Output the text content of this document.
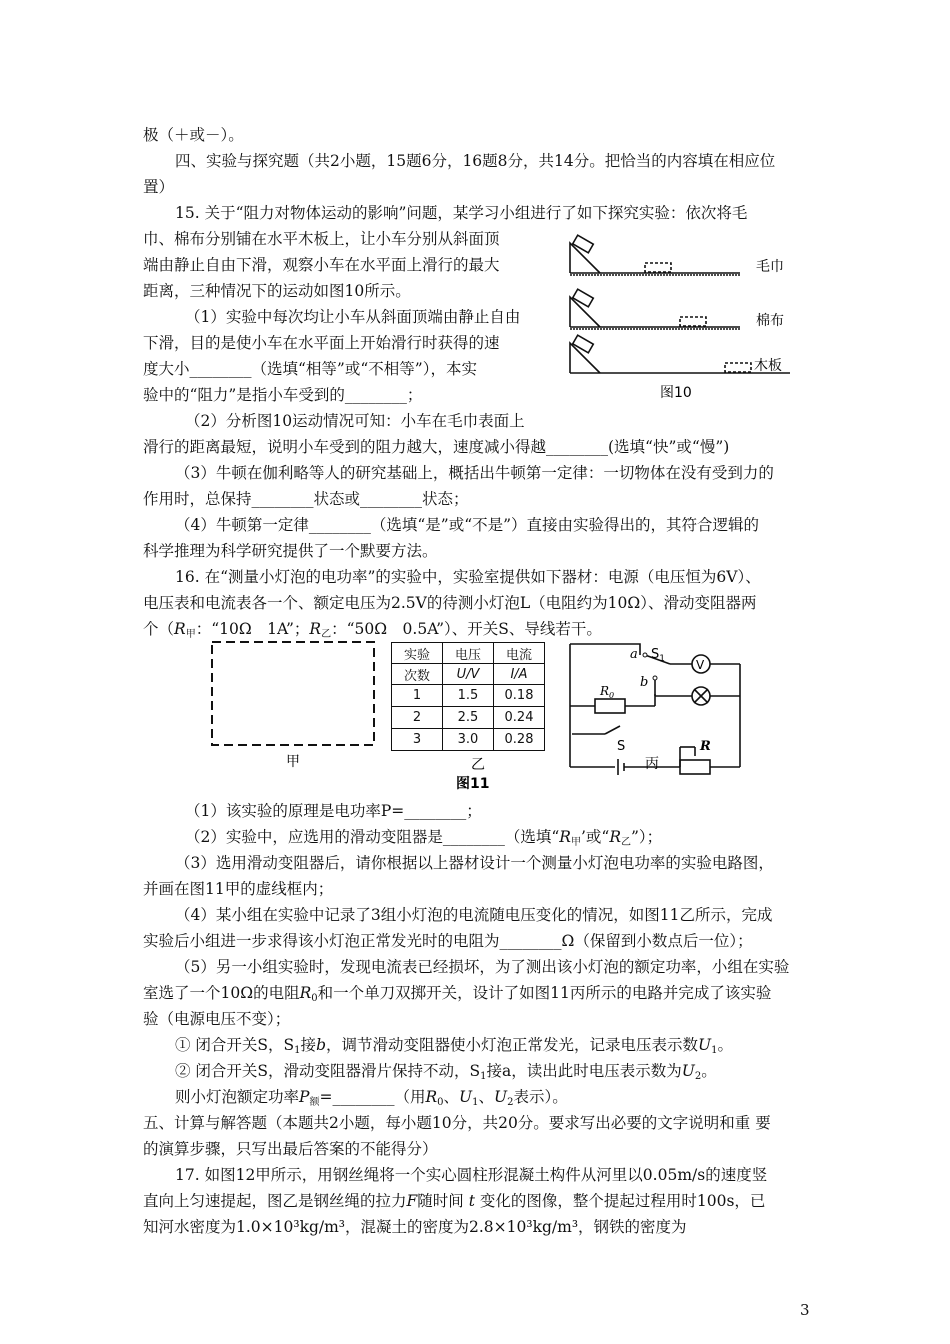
极（＋或－）。
四、实验与探究题（共2小题，15题6分，16题8分，共14分。把恰当的内容填在相应位
置）
15. 关于“阻力对物体运动的影响”问题，某学习小组进行了如下探究实验：依次将毛
巾、棉布分别铺在水平木板上，让小车分别从斜面顶
端由静止自由下滑，观察小车在水平面上滑行的最大
距离，三种情况下的运动如图10所示。
（1）实验中每次均让小车从斜面顶端由静止自由
下滑，目的是使小车在水平面上开始滑行时获得的速
度大小________（选填“相等”或“不相等”），本实
验中的“阻力”是指小车受到的________；
（2）分析图10运动情况可知：小车在毛巾表面上
滑行的距离最短，说明小车受到的阻力越大，速度减小得越________(选填“快”或“慢”)
（3）牛顿在伽利略等人的研究基础上，概括出牛顿第一定律：一切物体在没有受到力的
作用时，总保持________状态或________状态；
（4）牛顿第一定律________（选填“是”或“不是”）直接由实验得出的，其符合逻辑的
科学推理为科学研究提供了一个默要方法。
16. 在“测量小灯泡的电功率”的实验中，实验室提供如下器材：电源（电压恒为6V）、
电压表和电流表各一个、额定电压为2.5V的待测小灯泡L（电阻约为10Ω）、滑动变阻器两
个（$R_甲$：“10Ω　1A”；$R_乙$：“50Ω　0.5A”）、开关S、导线若干。
甲	乙
图11
V
a
b
$S_1$
$R_0$
S	R
丙
实验	电压	电流
次数	U/V	I/A
1	1.5	0.18
2	2.5	0.24
3	3.0	0.28
毛巾
棉布
木板
图10
（1）该实验的原理是电功率P=________；
（2）实验中，应选用的滑动变阻器是________（选填“$R_甲$’或“$R_乙$”）；
（3）选用滑动变阻器后，请你根据以上器材设计一个测量小灯泡电功率的实验电路图，
并画在图11甲的虚线框内；
（4）某小组在实验中记录了3组小灯泡的电流随电压变化的情况，如图11乙所示，完成
实验后小组进一步求得该小灯泡正常发光时的电阻为________Ω（保留到小数点后一位）；
（5）另一小组实验时，发现电流表已经损坏，为了测出该小灯泡的额定功率，小组在实验
室选了一个10Ω的电阻$R_0$和一个单刀双掷开关，设计了如图11丙所示的电路并完成了该实验
验（电源电压不变）；
① 闭合开关S，$S_1$接b，调节滑动变阻器使小灯泡正常发光，记录电压表示数$U_1$。
② 闭合开关S，滑动变阻器滑片保持不动，$S_1$接a，读出此时电压表示数为$U_2$。
则小灯泡额定功率$P_额=\_\_\_\_\_\_\_\_$（用$R_0$、$U_1$、$U_2$表示）。
五、计算与解答题（本题共2小题，每小题10分，共20分。要求写出必要的文字说明和重 要
的演算步骤，只写出最后答案的不能得分）
17. 如图12甲所示，用钢丝绳将一个实心圆柱形混凝土构件从河里以0.05m/s的速度竖
直向上匀速提起，图乙是钢丝绳的拉力F随时间 t 变化的图像，整个提起过程用时100s，已
知河水密度为1.0×10³kg/m³，混凝土的密度为2.8×10³kg/m³，钢铁的密度为
3
